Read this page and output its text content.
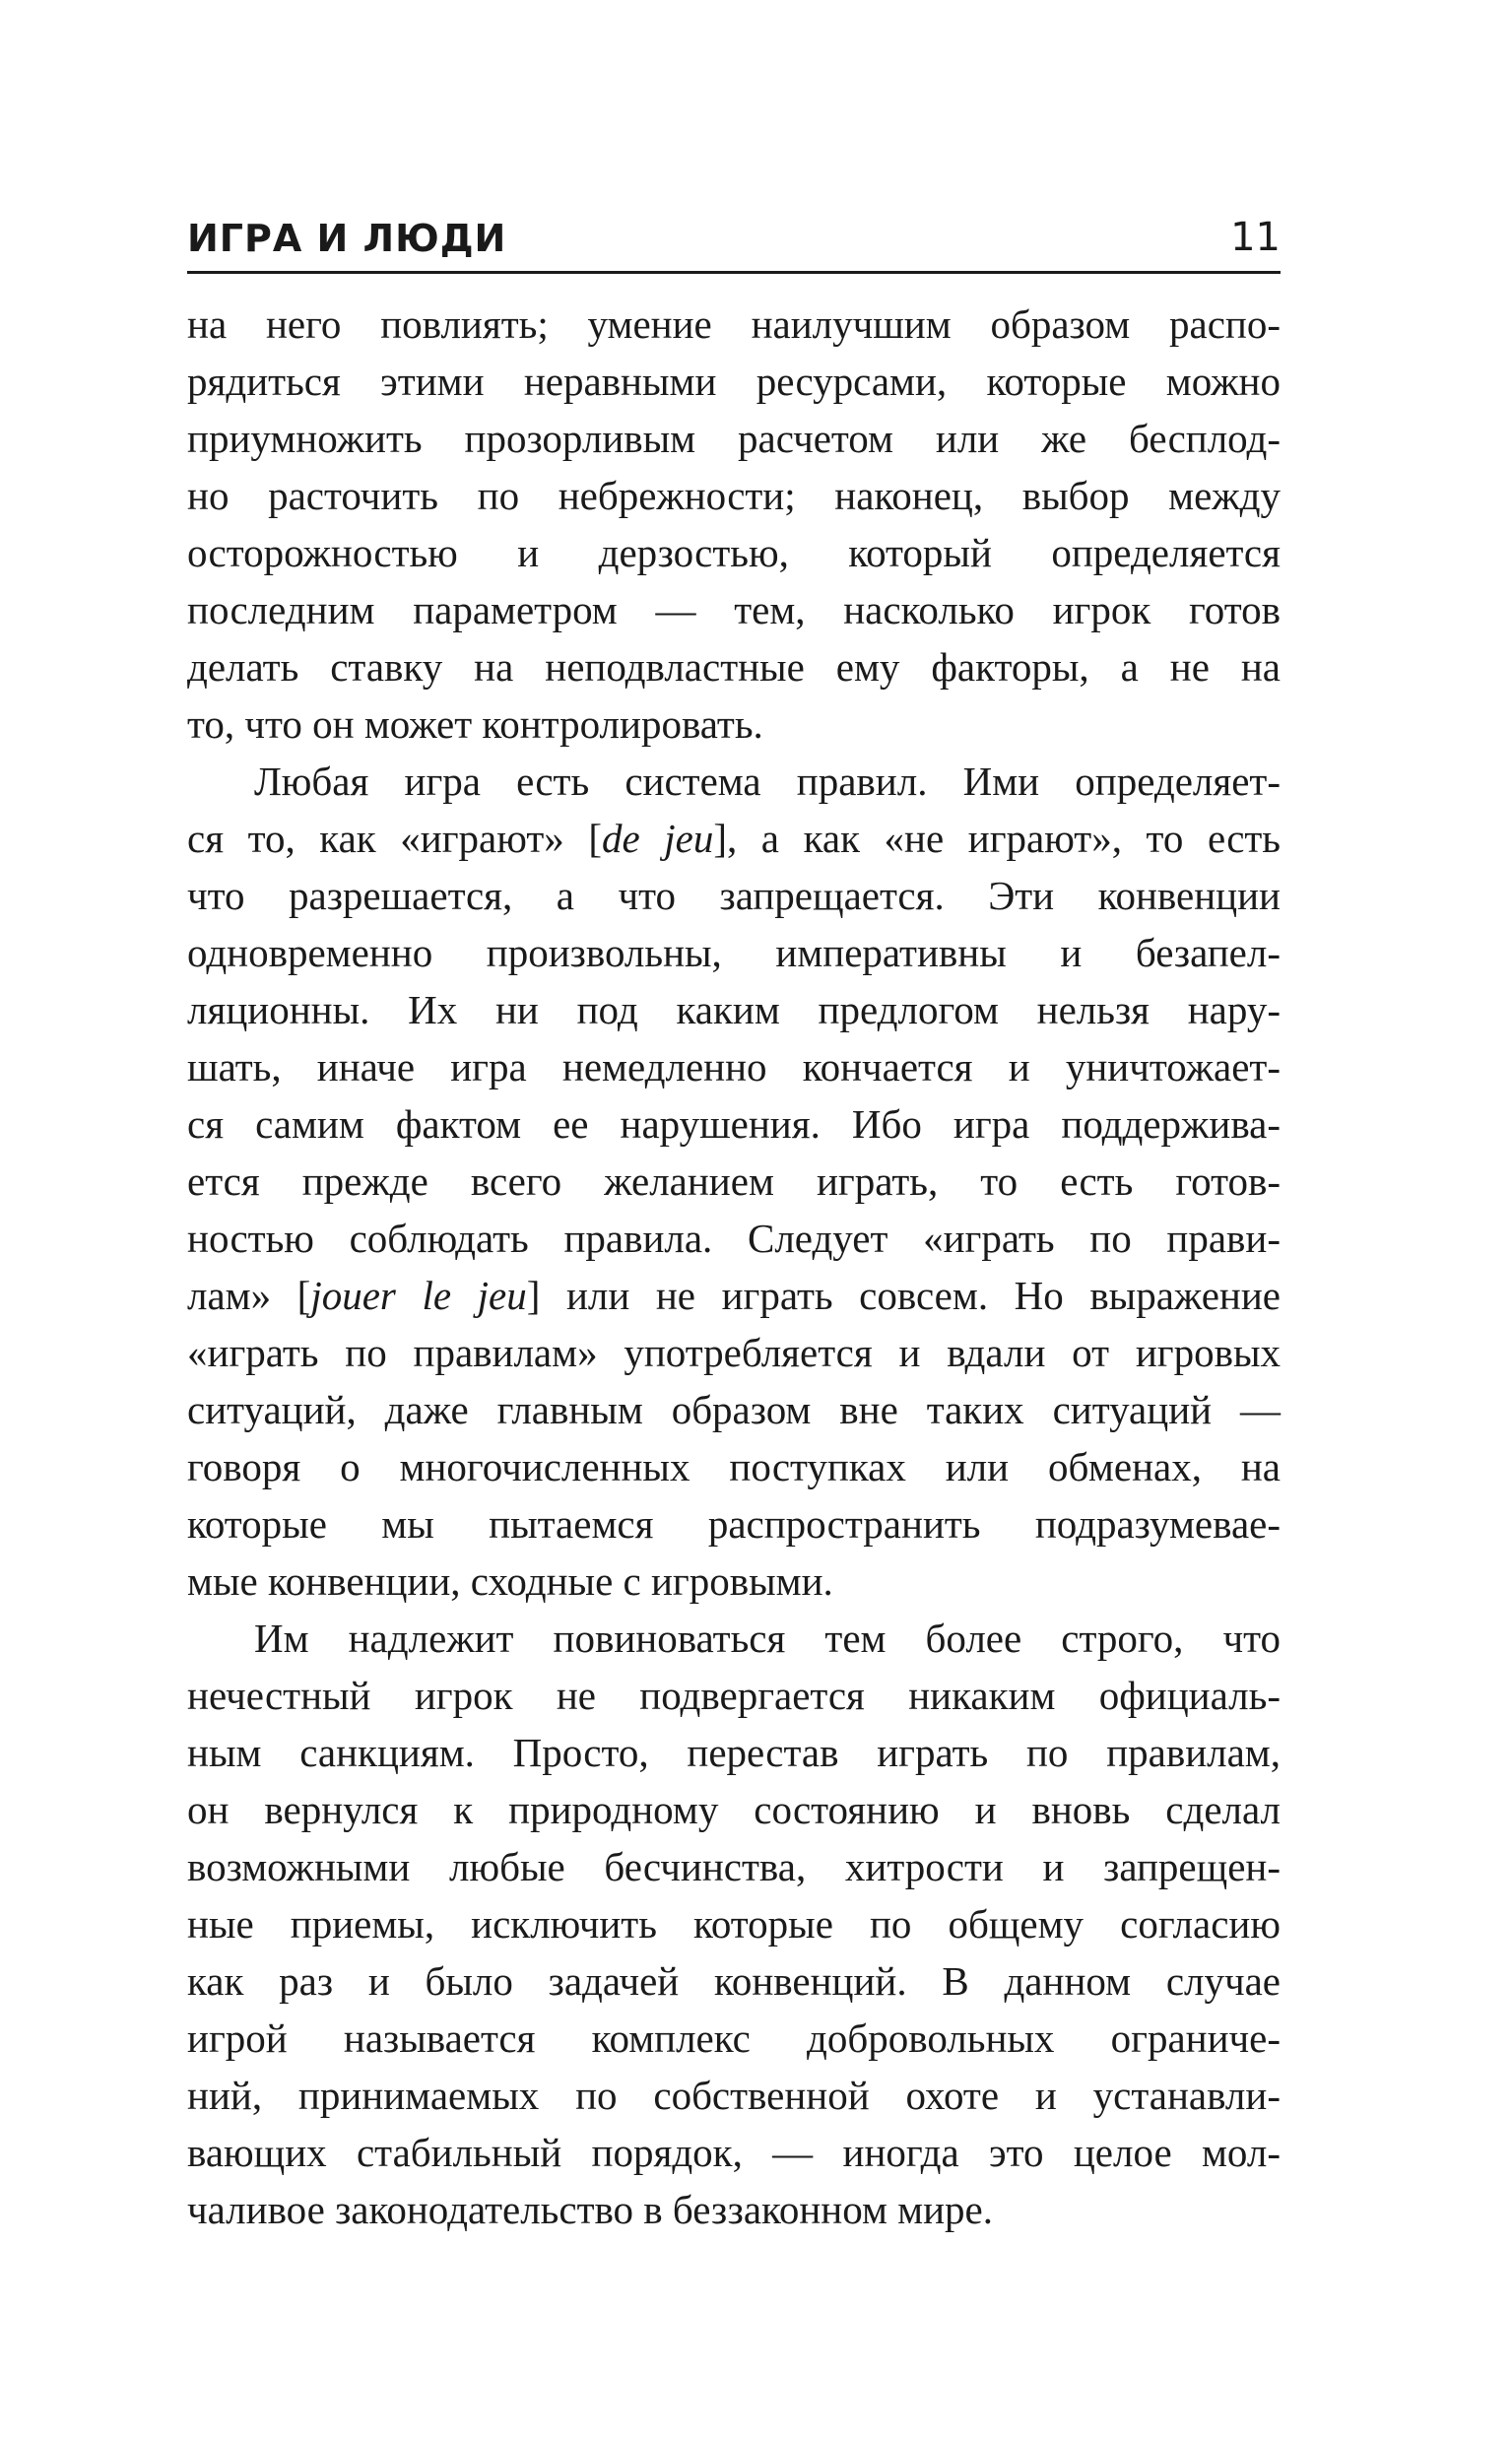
ИГРА И ЛЮДИ	11
на него повлиять; умение наилучшим образом распо-
рядиться этими неравными ресурсами, которые можно
приумножить прозорливым расчетом или же бесплод-
но расточить по небрежности; наконец, выбор между
осторожностью и дерзостью, который определяется
последним параметром — тем, насколько игрок готов
делать ставку на неподвластные ему факторы, а не на
то, что он может контролировать.
Любая игра есть система правил. Ими определяет-
ся то, как «играют» [de jeu], а как «не играют», то есть
что разрешается, а что запрещается. Эти конвенции
одновременно произвольны, императивны и безапел-
ляционны. Их ни под каким предлогом нельзя нару-
шать, иначе игра немедленно кончается и уничтожает-
ся самим фактом ее нарушения. Ибо игра поддержива-
ется прежде всего желанием играть, то есть готов-
ностью соблюдать правила. Следует «играть по прави-
лам» [jouer le jeu] или не играть совсем. Но выражение
«играть по правилам» употребляется и вдали от игровых
ситуаций, даже главным образом вне таких ситуаций —
говоря о многочисленных поступках или обменах, на
которые мы пытаемся распространить подразумевае-
мые конвенции, сходные с игровыми.
Им надлежит повиноваться тем более строго, что
нечестный игрок не подвергается никаким официаль-
ным санкциям. Просто, перестав играть по правилам,
он вернулся к природному состоянию и вновь сделал
возможными любые бесчинства, хитрости и запрещен-
ные приемы, исключить которые по общему согласию
как раз и было задачей конвенций. В данном случае
игрой называется комплекс добровольных ограниче-
ний, принимаемых по собственной охоте и устанавли-
вающих стабильный порядок, — иногда это целое мол-
чаливое законодательство в беззаконном мире.
